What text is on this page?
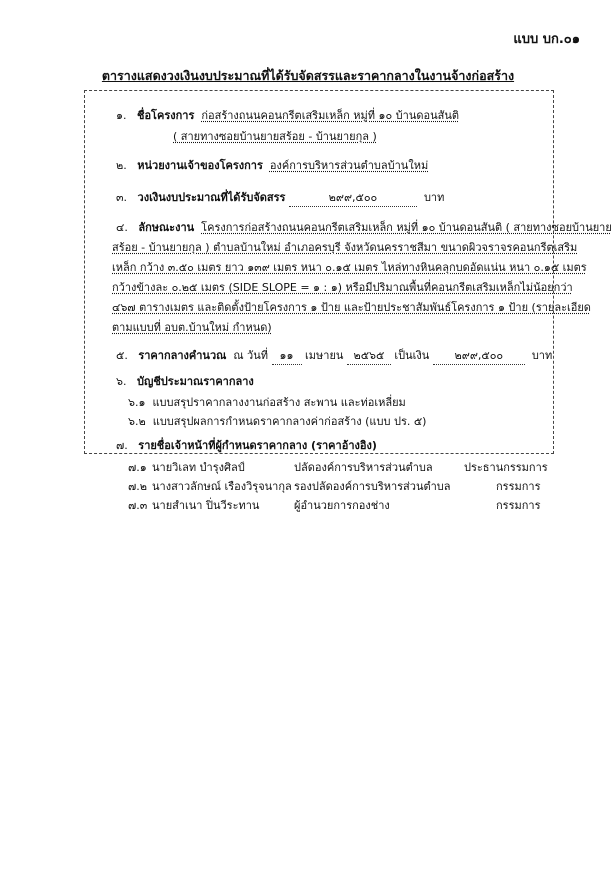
แบบ บก.๐๑
ตารางแสดงวงเงินงบประมาณที่ได้รับจัดสรรและราคากลางในงานจ้างก่อสร้าง
๑. ชื่อโครงการ ก่อสร้างถนนคอนกรีตเสริมเหล็ก หมู่ที่ ๑๐ บ้านดอนสันติ
( สายทางซอยบ้านยายสร้อย - บ้านยายกุล )
๒. หน่วยงานเจ้าของโครงการ องค์การบริหารส่วนตำบลบ้านใหม่
๓. วงเงินงบประมาณที่ได้รับจัดสรร	๒๙๙,๕๐๐	บาท
๔. ลักษณะงาน โครงการก่อสร้างถนนคอนกรีตเสริมเหล็ก หมู่ที่ ๑๐ บ้านดอนสันติ ( สายทางซอยบ้านยาย
สร้อย - บ้านยายกุล ) ตำบลบ้านใหม่ อำเภอครบุรี จังหวัดนครราชสีมา ขนาดผิวจราจรคอนกรีตเสริม
เหล็ก กว้าง ๓.๕๐ เมตร ยาว ๑๓๙ เมตร หนา ๐.๑๕ เมตร ไหล่ทางหินคลุกบดอัดแน่น หนา ๐.๑๕ เมตร
กว้างข้างละ ๐.๒๕ เมตร (SIDE SLOPE = ๑ : ๑) หรือมีปริมาณพื้นที่คอนกรีตเสริมเหล็กไม่น้อยกว่า
๔๖๗ ตารางเมตร และติดตั้งป้ายโครงการ ๑ ป้าย และป้ายประชาสัมพันธ์โครงการ ๑ ป้าย (รายละเอียด
ตามแบบที่ อบต.บ้านใหม่ กำหนด)
๕. ราคากลางคำนวณ ณ วันที่ ๑๑ เมษายน ๒๕๖๕ เป็นเงิน ๒๙๙,๕๐๐	บาท
๖. บัญชีประมาณราคากลาง
๖.๑ แบบสรุปราคากลางงานก่อสร้าง สะพาน และท่อเหลี่ยม
๖.๒ แบบสรุปผลการกำหนดราคากลางค่าก่อสร้าง (แบบ ปร. ๕)
๗. รายชื่อเจ้าหน้าที่ผู้กำหนดราคากลาง (ราคาอ้างอิง)
๗.๑ นายวิเลท บำรุงศิลป์	ปลัดองค์การบริหารส่วนตำบล	ประธานกรรมการ
๗.๒ นางสาวลักษณ์ เรืองวิรุจนากุล รองปลัดองค์การบริหารส่วนตำบล	กรรมการ
๗.๓ นายสำเนา ปิ่นวีระทาน	ผู้อำนวยการกองช่าง	กรรมการ
